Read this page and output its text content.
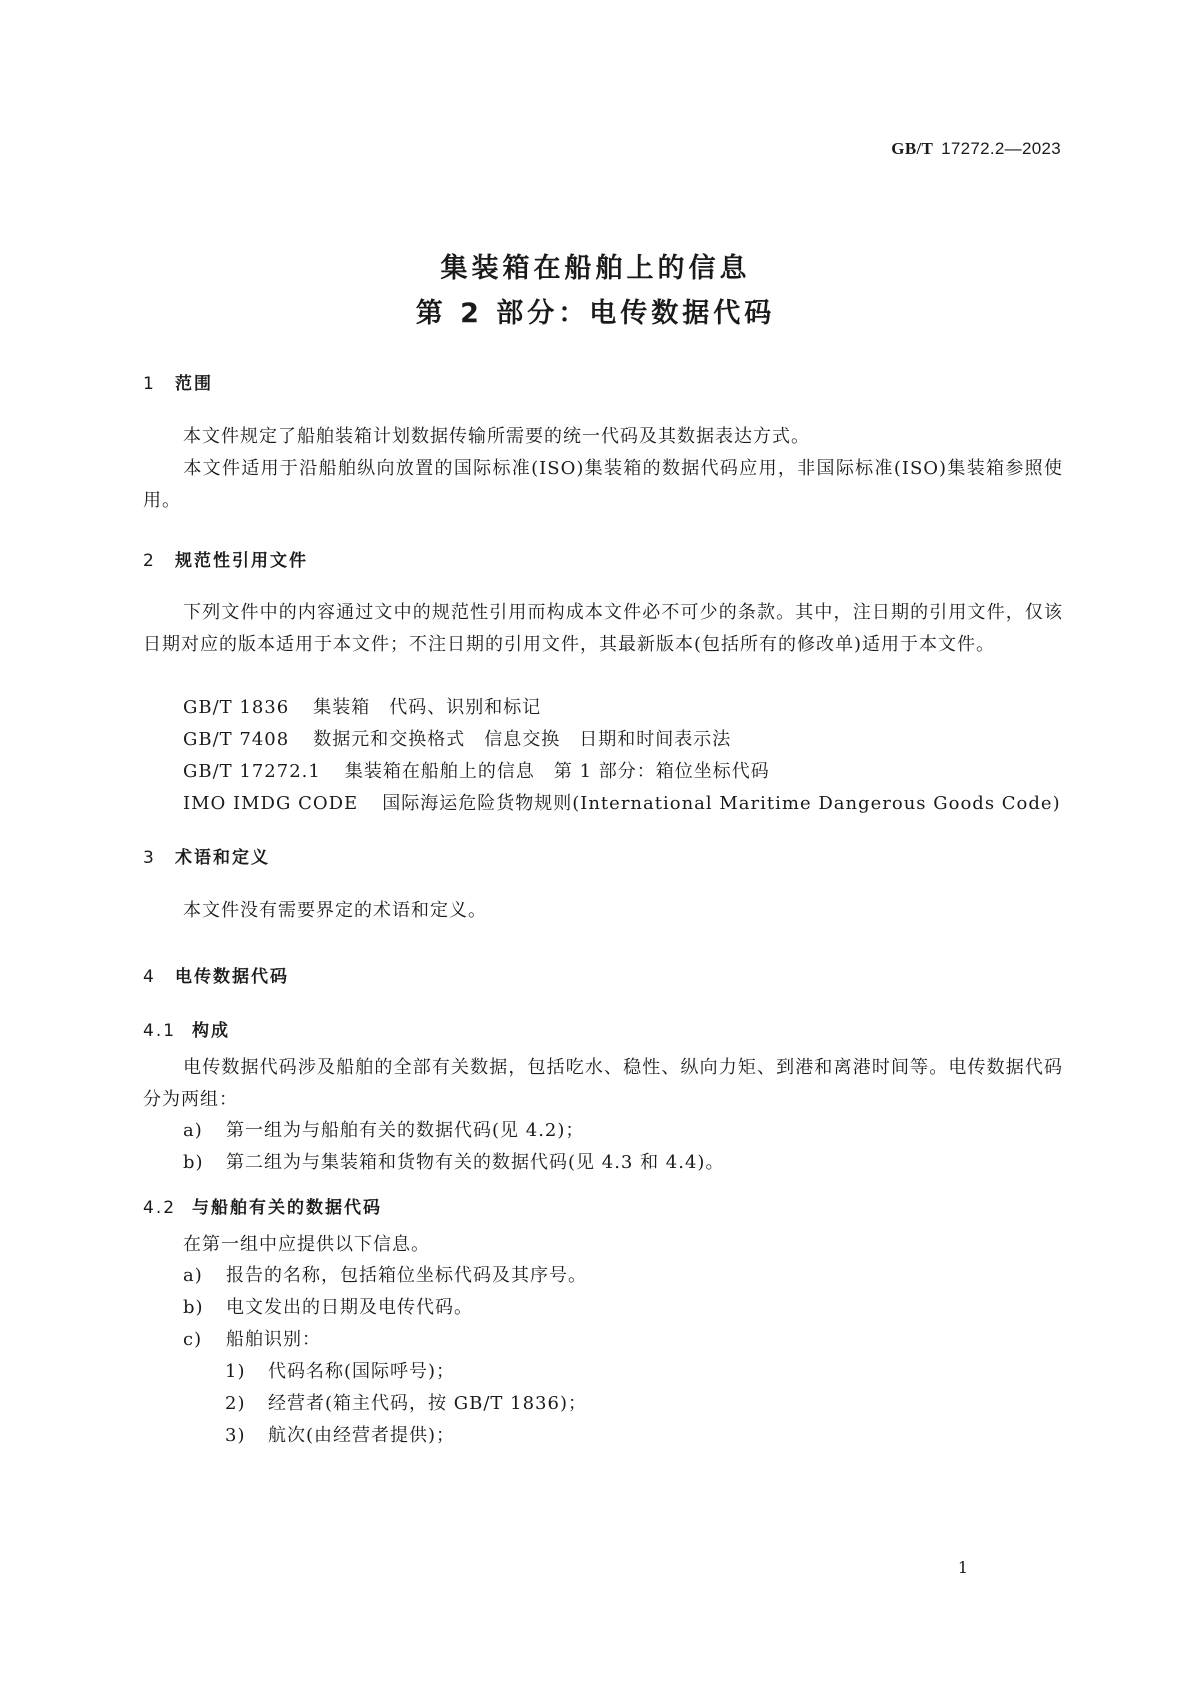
GB/T 17272.2—2023
集装箱在船舶上的信息
第 2 部分：电传数据代码
1 范围
本文件规定了船舶装箱计划数据传输所需要的统一代码及其数据表达方式。
本文件适用于沿船舶纵向放置的国际标准(ISO)集装箱的数据代码应用，非国际标准(ISO)集装箱参照使用。
2 规范性引用文件
下列文件中的内容通过文中的规范性引用而构成本文件必不可少的条款。其中，注日期的引用文件，仅该日期对应的版本适用于本文件；不注日期的引用文件，其最新版本(包括所有的修改单)适用于本文件。
GB/T 1836 集装箱　代码、识别和标记
GB/T 7408 数据元和交换格式　信息交换　日期和时间表示法
GB/T 17272.1 集装箱在船舶上的信息　第 1 部分：箱位坐标代码
IMO IMDG CODE 国际海运危险货物规则(International Maritime Dangerous Goods Code)
3 术语和定义
本文件没有需要界定的术语和定义。
4 电传数据代码
4.1 构成
电传数据代码涉及船舶的全部有关数据，包括吃水、稳性、纵向力矩、到港和离港时间等。电传数据代码分为两组：
a) 第一组为与船舶有关的数据代码(见 4.2)；
b) 第二组为与集装箱和货物有关的数据代码(见 4.3 和 4.4)。
4.2 与船舶有关的数据代码
在第一组中应提供以下信息。
a) 报告的名称，包括箱位坐标代码及其序号。
b) 电文发出的日期及电传代码。
c) 船舶识别：
1) 代码名称(国际呼号)；
2) 经营者(箱主代码，按 GB/T 1836)；
3) 航次(由经营者提供)；
1
